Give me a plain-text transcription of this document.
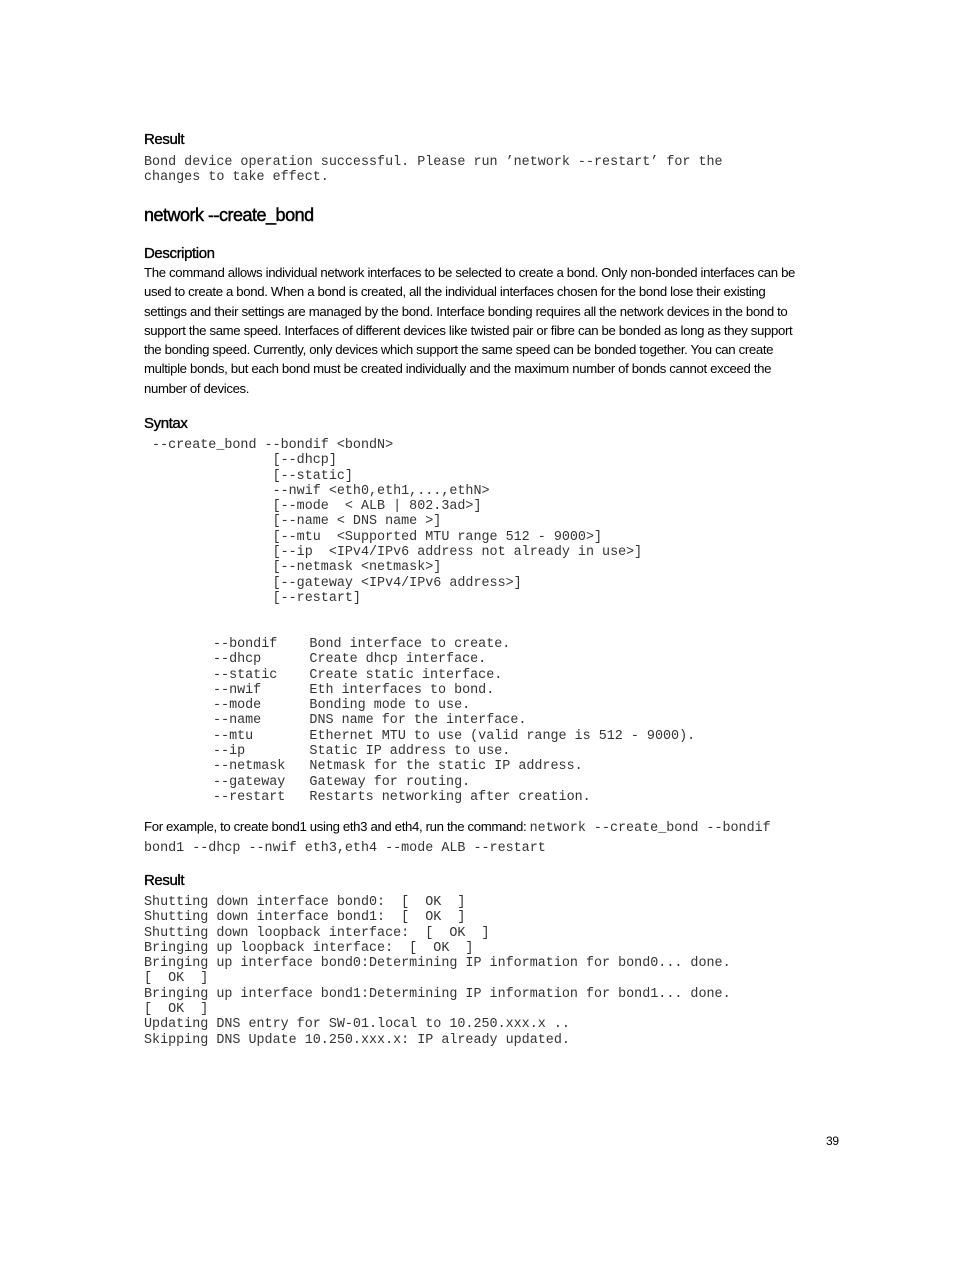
Result
Bond device operation successful. Please run ’network --restart’ for the
changes to take effect.
network --create_bond
Description
The command allows individual network interfaces to be selected to create a bond. Only non-bonded interfaces can be
used to create a bond. When a bond is created, all the individual interfaces chosen for the bond lose their existing
settings and their settings are managed by the bond. Interface bonding requires all the network devices in the bond to
support the same speed. Interfaces of different devices like twisted pair or fibre can be bonded as long as they support
the bonding speed. Currently, only devices which support the same speed can be bonded together. You can create
multiple bonds, but each bond must be created individually and the maximum number of bonds cannot exceed the
number of devices.
Syntax
--create_bond --bondif <bondN>
[--dhcp]
[--static]
--nwif <eth0,eth1,...,ethN>
[--mode  < ALB | 802.3ad>]
[--name < DNS name >]
[--mtu  <Supported MTU range 512 - 9000>]
[--ip  <IPv4/IPv6 address not already in use>]
[--netmask <netmask>]
[--gateway <IPv4/IPv6 address>]
[--restart]
--bondif    Bond interface to create.
--dhcp      Create dhcp interface.
--static    Create static interface.
--nwif      Eth interfaces to bond.
--mode      Bonding mode to use.
--name      DNS name for the interface.
--mtu       Ethernet MTU to use (valid range is 512 - 9000).
--ip        Static IP address to use.
--netmask   Netmask for the static IP address.
--gateway   Gateway for routing.
--restart   Restarts networking after creation.
For example, to create bond1 using eth3 and eth4, run the command: network --create_bond --bondif
bond1 --dhcp --nwif eth3,eth4 --mode ALB --restart
Result
Shutting down interface bond0:  [  OK  ]
Shutting down interface bond1:  [  OK  ]
Shutting down loopback interface:  [  OK  ]
Bringing up loopback interface:  [  OK  ]
Bringing up interface bond0:Determining IP information for bond0... done.
[  OK  ]
Bringing up interface bond1:Determining IP information for bond1... done.
[  OK  ]
Updating DNS entry for SW-01.local to 10.250.xxx.x ..
Skipping DNS Update 10.250.xxx.x: IP already updated.
39
